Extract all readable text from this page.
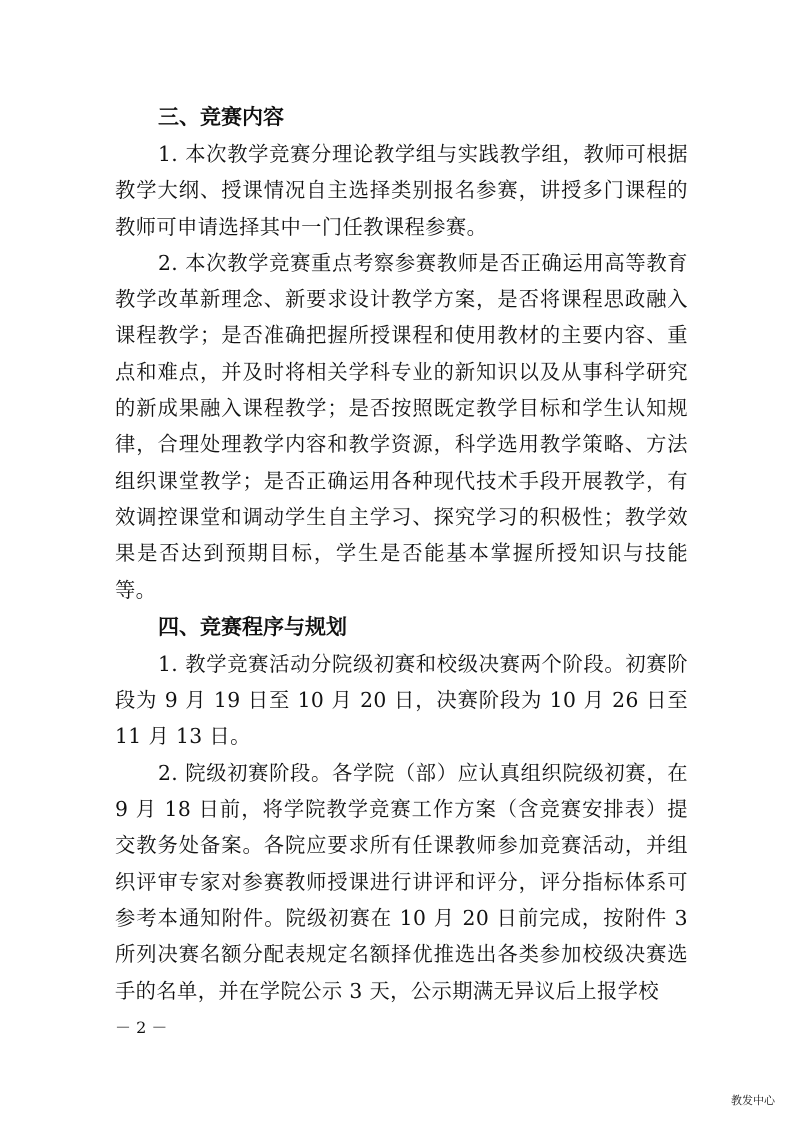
三、竞赛内容

1. 本次教学竞赛分理论教学组与实践教学组，教师可根据教学大纲、授课情况自主选择类别报名参赛，讲授多门课程的教师可申请选择其中一门任教课程参赛。

2. 本次教学竞赛重点考察参赛教师是否正确运用高等教育教学改革新理念、新要求设计教学方案，是否将课程思政融入课程教学；是否准确把握所授课程和使用教材的主要内容、重点和难点，并及时将相关学科专业的新知识以及从事科学研究的新成果融入课程教学；是否按照既定教学目标和学生认知规律，合理处理教学内容和教学资源，科学选用教学策略、方法组织课堂教学；是否正确运用各种现代技术手段开展教学，有效调控课堂和调动学生自主学习、探究学习的积极性；教学效果是否达到预期目标，学生是否能基本掌握所授知识与技能等。

四、竞赛程序与规划

1. 教学竞赛活动分院级初赛和校级决赛两个阶段。初赛阶段为 9 月 19 日至 10 月 20 日，决赛阶段为 10 月 26 日至 11 月 13 日。

2. 院级初赛阶段。各学院（部）应认真组织院级初赛，在 9 月 18 日前，将学院教学竞赛工作方案（含竞赛安排表）提交教务处备案。各院应要求所有任课教师参加竞赛活动，并组织评审专家对参赛教师授课进行讲评和评分，评分指标体系可参考本通知附件。院级初赛在 10 月 20 日前完成，按附件 3 所列决赛名额分配表规定名额择优推选出各类参加校级决赛选手的名单，并在学院公示 3 天，公示期满无异议后上报学校

－ 2 －
教发中心
